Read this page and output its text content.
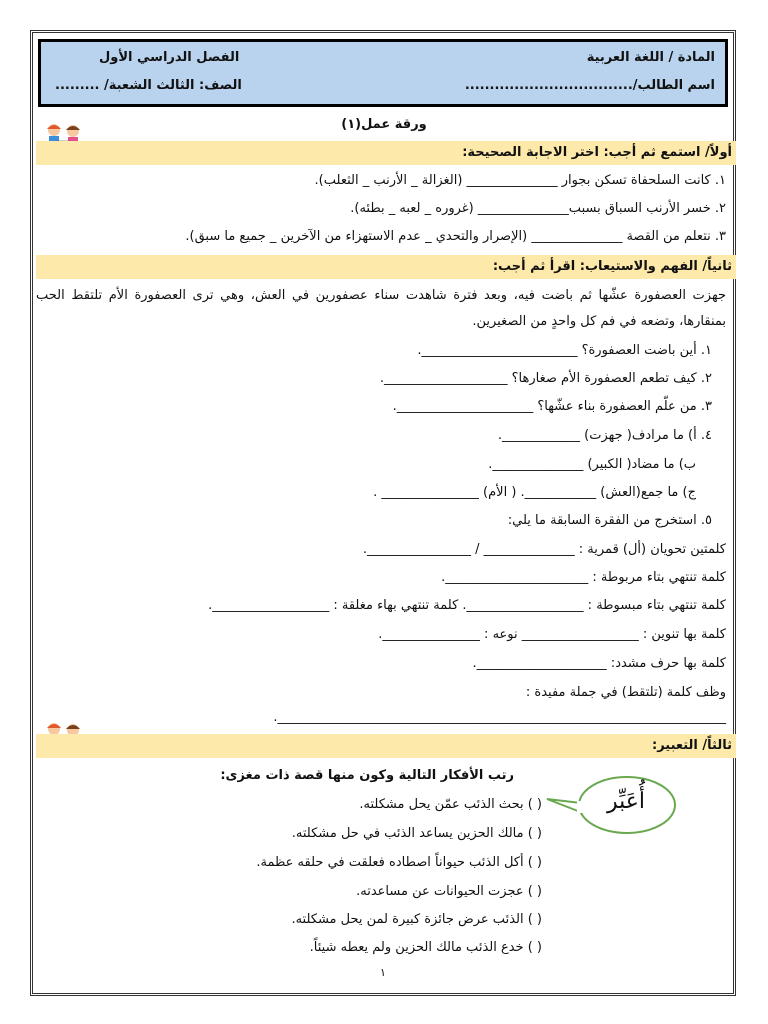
المادة / اللغة العربية
الفصل الدراسي الأول
اسم الطالب/..................................
الصف: الثالث الشعبة/ .........
ورقة عمل(١)
أولاً/ استمع ثم أجب: اختر الاجابة الصحيحة:
١. كانت السلحفاة تسكن بجوار ______________ (الغزالة _ الأرنب _ الثعلب).
٢. خسر الأرنب السباق بسبب______________ (غروره _ لعبه _ بطئه).
٣. نتعلم من القصة ______________ (الإصرار والتحدي _ عدم الاستهزاء من الآخرين _ جميع ما سبق).
ثانياً/ الفهم والاستيعاب: اقرأ ثم أجب:
جهزت العصفورة عشّها ثم باضت فيه، وبعد فترة شاهدت سناء عصفورين في العش، وهي ترى العصفورة الأم تلتقط الحب بمنقارها، وتضعه في فم كل واحدٍ من الصغيرين.
١. أين باضت العصفورة؟ ________________________.
٢. كيف تطعم العصفورة الأم صغارها؟ ___________________.
٣. من علّم العصفورة بناء عشّها؟ _____________________.
٤. أ) ما مرادف( جهزت) ____________.
ب) ما مضاد( الكبير) ______________.
ج) ما جمع(العش) ___________. ( الأم) _______________ .
٥. استخرج من الفقرة السابقة ما يلي:
كلمتين تحويان (أل) قمرية : ______________ / ________________.
كلمة تنتهي بتاء مربوطة : ______________________.
كلمة تنتهي بتاء مبسوطة : __________________. كلمة تنتهي بهاء مغلقة : __________________.
كلمة بها تنوين : __________________ نوعه : _______________.
كلمة بها حرف مشدد: ____________________.
وظف كلمة (تلتقط) في جملة مفيدة :
_____________________________________________________________________.
ثالثاً/ التعبير:
رتب الأفكار التالية وكون منها قصة ذات مغزى:
أُعَبِّر
( ) بحث الذئب عمّن يحل مشكلته.
( ) مالك الحزين يساعد الذئب في حل مشكلته.
( ) أكل الذئب حيواناً اصطاده فعلقت في حلقه عظمة.
( ) عجزت الحيوانات عن مساعدته.
( ) الذئب عرض جائزة كبيرة لمن يحل مشكلته.
( ) خدع الذئب مالك الحزين ولم يعطه شيئاً.
١
